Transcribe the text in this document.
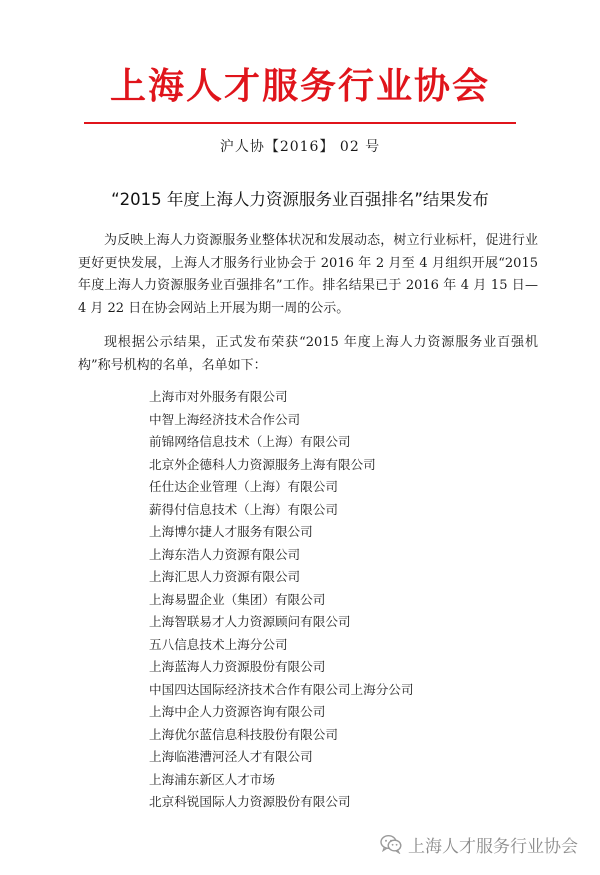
上海人才服务行业协会
沪人协【2016】 02 号
“2015 年度上海人力资源服务业百强排名”结果发布

为反映上海人力资源服务业整体状况和发展动态，树立行业标杆，促进行业更好更快发展，上海人才服务行业协会于 2016 年 2 月至 4 月组织开展“2015 年度上海人力资源服务业百强排名”工作。排名结果已于 2016 年 4 月 15 日—4 月 22 日在协会网站上开展为期一周的公示。

现根据公示结果，正式发布荣获“2015 年度上海人力资源服务业百强机构”称号机构的名单，名单如下：

上海市对外服务有限公司
中智上海经济技术合作公司
前锦网络信息技术（上海）有限公司
北京外企德科人力资源服务上海有限公司
任仕达企业管理（上海）有限公司
薪得付信息技术（上海）有限公司
上海博尔捷人才服务有限公司
上海东浩人力资源有限公司
上海汇思人力资源有限公司
上海易盟企业（集团）有限公司
上海智联易才人力资源顾问有限公司
五八信息技术上海分公司
上海蓝海人力资源股份有限公司
中国四达国际经济技术合作有限公司上海分公司
上海中企人力资源咨询有限公司
上海优尔蓝信息科技股份有限公司
上海临港漕河泾人才有限公司
上海浦东新区人才市场
北京科锐国际人力资源股份有限公司
上海人才服务行业协会
